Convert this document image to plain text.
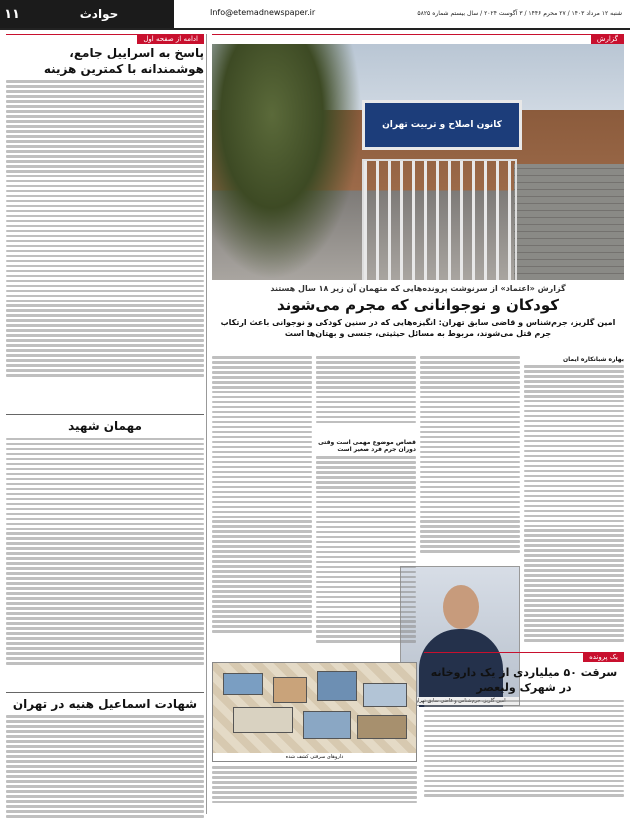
۱۱	حوادث	Info@etemadnewspaper.ir	شنبه ۱۲ مرداد ۱۴۰۳ / ۲۷ محرم ۱۴۴۶ / ۳ آگوست ۲۰۲۴ / سال بیستم شماره ۵۸۲۵
ادامه از صفحه اول
پاسخ به اسراییل جامع، هوشمندانه با کمترین هزینه
مهمان شهید
شهادت اسماعیل هنیه در تهران
گزارش
کانون اصلاح و تربیت تهران
گزارش «اعتماد» از سرنوشت پرونده‌هایی که متهمان آن زیر ۱۸ سال هستند
کودکان و نوجوانانی که مجرم می‌شوند
امین گلریز، جرم‌شناس و قاضی سابق تهران: انگیزه‌هایی که در سنین کودکی و نوجوانی باعث ارتکاب جرم قتل می‌شوند، مربوط به مسائل حیثیتی، جنسی و بهتان‌ها است
بهاره شبانکاره ایمان
تهران
قصاص موضوع مهمی است وقتی دوران جرم فرد صغیر است
یک پرونده
سرقت ۵۰ میلیاردی از یک داروخانه در شهرک ولیعصر
داروهای سرقتی کشف شده
